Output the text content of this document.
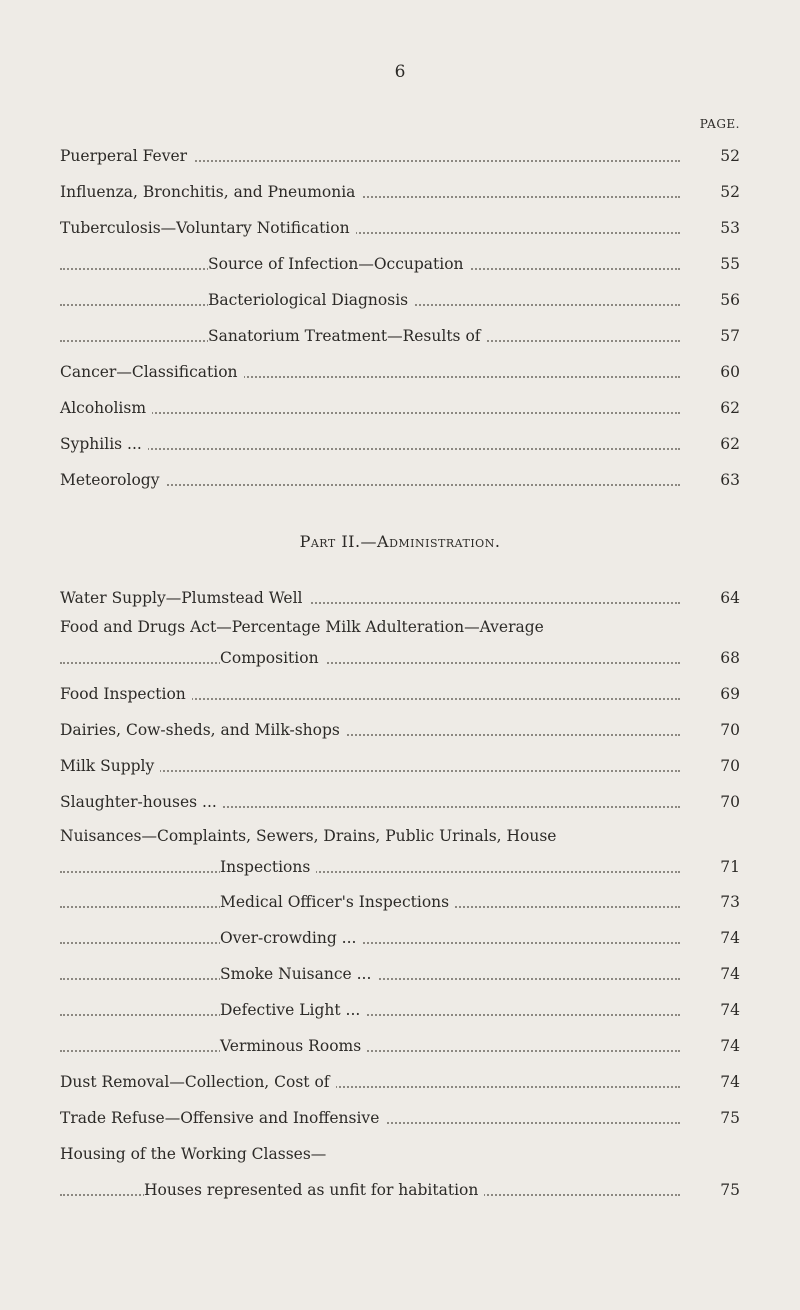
6
PAGE.
Puerperal Fever	52
Influenza, Bronchitis, and Pneumonia	52
Tuberculosis—Voluntary Notification	53
Source of Infection—Occupation	55
Bacteriological Diagnosis	56
Sanatorium Treatment—Results of	57
Cancer—Classification	60
Alcoholism	62
Syphilis ...	62
Meteorology	63
Part II.—Administration.
Water Supply—Plumstead Well	64
Food and Drugs Act—Percentage Milk Adulteration—Average
Composition	68
Food Inspection	69
Dairies, Cow-sheds, and Milk-shops	70
Milk Supply	70
Slaughter-houses ...	70
Nuisances—Complaints, Sewers, Drains, Public Urinals, House
Inspections	71
Medical Officer's Inspections	73
Over-crowding ...	74
Smoke Nuisance ...	74
Defective Light ...	74
Verminous Rooms	74
Dust Removal—Collection, Cost of	74
Trade Refuse—Offensive and Inoffensive	75
Housing of the Working Classes—
Houses represented as unfit for habitation	75
